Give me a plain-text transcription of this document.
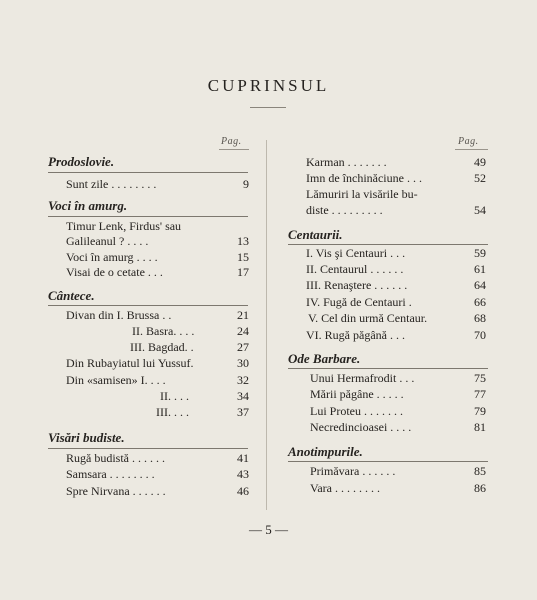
CUPRINSUL
Pag.	Pag.
Prodoslovie.
Sunt zile . . . . . . . .	9
Voci în amurg.
Timur Lenk, Firdus' sau
Galileanul ? . . . .	13
Voci în amurg . . . .	15
Visai de o cetate . . .	17
Cântece.
Divan din I. Brussa . .	21
II. Basra. . . .	24
III. Bagdad. .	27
Din Rubayiatul lui Yussuf.	30
Din «samisen» I. . . .	32
II. . . .	34
III. . . .	37
Visări budiste.
Rugă budistă . . . . . .	41
Samsara . . . . . . . .	43
Spre Nirvana . . . . . .	46
Karman . . . . . . .	49
Imn de închinăciune . . .	52
Lămuriri la visările bu-
diste . . . . . . . . .	54
Centaurii.
I. Vis şi Centauri . . .	59
II. Centaurul . . . . . .	61
III. Renaştere . . . . . .	64
IV. Fugă de Centauri .	66
V. Cel din urmă Centaur.	68
VI. Rugă păgână . . .	70
Ode Barbare.
Unui Hermafrodit . . .	75
Mării păgâne . . . . .	77
Lui Proteu . . . . . . .	79
Necredincioasei . . . .	81
Anotimpurile.
Primăvara . . . . . .	85
Vara . . . . . . . .	86
— 5 —
